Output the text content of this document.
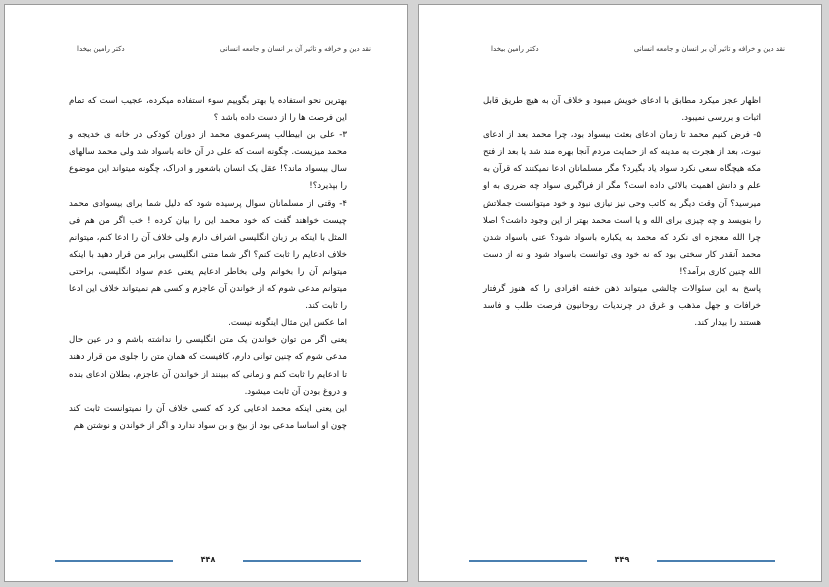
نقد دین و خرافه و تاثیر آن بر انسان و جامعه انسانی
دکتر رامین بیخدا

بهترین نحو استفاده یا بهتر بگوییم سوء استفاده میکرده، عجیب است که تمام این فرصت ها را از دست داده باشد ؟

۳- علی بن ابیطالب پسرعموی محمد از دوران کودکی در خانه ی خدیجه و محمد میزیست. چگونه است که علی در آن خانه باسواد شد ولی محمد سالهای سال بیسواد ماند؟! عقل یک انسان باشعور و ادراک، چگونه میتواند این موضوع را بپذیرد؟!

۴- وقتی از مسلمانان سوال پرسیده شود که دلیل شما برای بیسوادی محمد چیست خواهند گفت که خود محمد این را بیان کرده ! خب اگر من هم فی المثل با اینکه بر زبان انگلیسی اشراف دارم ولی خلاف آن را ادعا کنم، میتوانم خلاف ادعایم را ثابت کنم؟ اگر شما متنی انگلیسی برابر من قرار دهید با اینکه میتوانم آن را بخوانم ولی بخاطر ادعایم یعنی عدم سواد انگلیسی، براحتی میتوانم مدعی شوم که از خواندن آن عاجزم و کسی هم نمیتواند خلاف این ادعا را ثابت کند.

اما عکس این مثال اینگونه نیست.

یعنی اگر من توان خواندن یک متن انگلیسی را نداشته باشم و در عین حال مدعی شوم که چنین توانی دارم، کافیست که همان متن را جلوی من قرار دهند تا ادعایم را ثابت کنم و زمانی که ببینند از خواندن آن عاجزم، بطلان ادعای بنده و دروغ بودن آن ثابت میشود.

این یعنی اینکه محمد ادعایی کرد که کسی خلاف آن را نمیتوانست ثابت کند چون او اساسا مدعی بود از بیخ و بن سواد ندارد و اگر از خواندن و نوشتن هم

۴۴۸
نقد دین و خرافه و تاثیر آن بر انسان و جامعه انسانی
دکتر رامین بیخدا

اظهار عجز میکرد مطابق با ادعای خویش میبود و خلاف آن به هیچ طریق قابل اثبات و بررسی نمیبود.

۵- فرض کنیم محمد تا زمان ادعای بعثت بیسواد بود، چرا محمد بعد از ادعای نبوت، بعد از هجرت به مدینه که از حمایت مردم آنجا بهره مند شد یا بعد از فتح مکه هیچگاه سعی نکرد سواد یاد بگیرد؟ مگر مسلمانان ادعا نمیکنند که قرآن به علم و دانش اهمیت بالائی داده است؟ مگر از فراگیری سواد چه ضرری به او میرسید؟ آن وقت دیگر به کاتب وحی نیز نیازی نبود و خود میتوانست جملاتش را بنویسد و چه چیزی برای الله و یا است محمد بهتر از این وجود داشت؟ اصلا چرا الله معجزه ای نکرد که محمد به یکباره باسواد شود؟ عنی باسواد شدن محمد آنقدر کار سختی بود که نه خود وی توانست باسواد شود و نه از دست الله چنین کاری برآمد؟!

پاسخ به این سئوالات چالشی میتواند ذهن خفته افرادی را که هنوز گرفتار خرافات و جهل مذهب و غرق در چرندیات روحانیون فرصت طلب و فاسد هستند را بیدار کند.

۴۴۹
